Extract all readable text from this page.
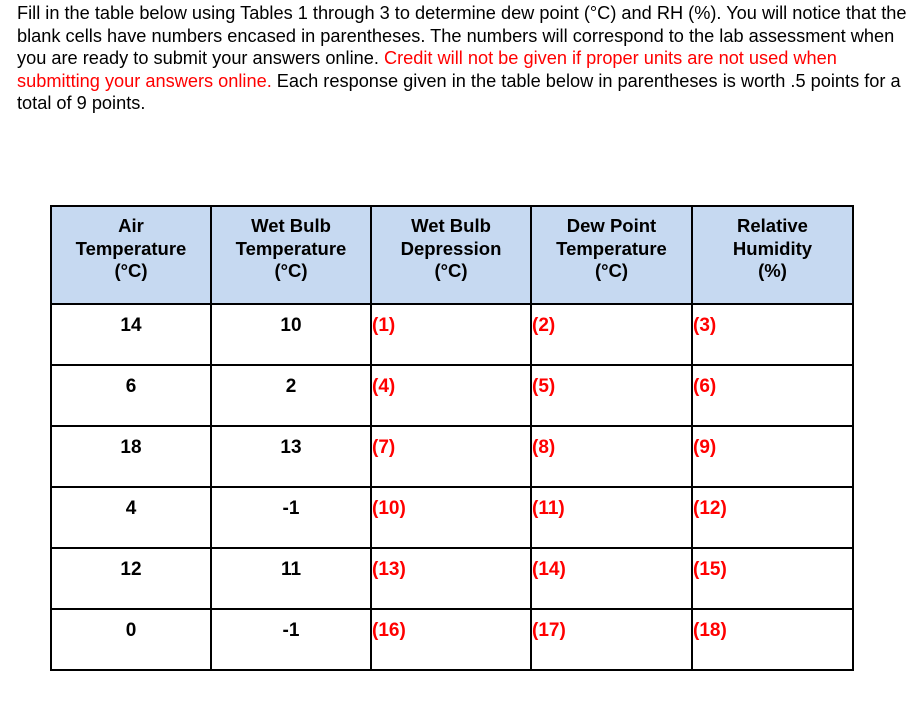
Fill in the table below using Tables 1 through 3 to determine dew point (°C) and RH (%). You will notice that the blank cells have numbers encased in parentheses. The numbers will correspond to the lab assessment when you are ready to submit your answers online. Credit will not be given if proper units are not used when submitting your answers online. Each response given in the table below in parentheses is worth .5 points for a total of 9 points.

Air
Temperature
(°C)	Wet Bulb
Temperature
(°C)	Wet Bulb
Depression
(°C)	Dew Point
Temperature
(°C)	Relative
Humidity
(%)

14	10	(1)	(2)	(3)
6	2	(4)	(5)	(6)
18	13	(7)	(8)	(9)
4	-1	(10)	(11)	(12)
12	11	(13)	(14)	(15)
0	-1	(16)	(17)	(18)
